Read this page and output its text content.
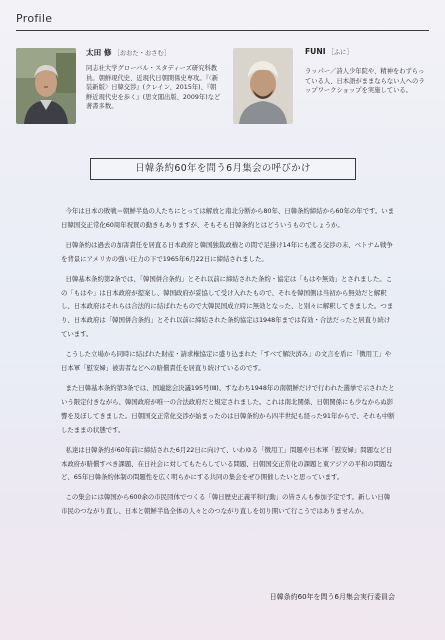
Profile
太田 修 ［おおた・おさむ］
同志社大学グローバル・スタディーズ研究科教員。朝鮮現代史、近現代日朝関係史専攻。『〈新装新版〉日韓交渉』(クレイン、2015年)、『朝鮮近現代史を歩く』(思文閣出版、2009年)など著書多数。
FUNI ［ふに］
ラッパー／詩人少年院や、精神をわずらっている人、日本語がままならない人へのラップワークショップを実施している。
日韓条約60年を問う6月集会の呼びかけ

今年は日本の敗戦＝朝鮮半島の人たちにとっては解放と南北分断から80年、日韓条約締結から60年の年です。いま日韓国交正常化60周年祝賀の動きもありますが、そもそも日韓条約とはどういうものでしょうか。

日韓条約は過去の加害責任を居直る日本政府と韓国独裁政権との間で足掛け14年にも渡る交渉の末、ベトナム戦争を背景にアメリカの強い圧力の下で1965年6月22日に締結されました。

日韓基本条約第2条では、「韓国併合条約」とそれ以前に締結された条約・協定は「もはや無効」とされました。この「もはや」は日本政府が提案し、韓国政府が妥協して受け入れたもので、それを韓国側は当初から無効だと解釈し、日本政府はそれらは合法的に結ばれたもので大韓民国成立時に無効となった、と別々に解釈してきました。つまり、日本政府は「韓国併合条約」とそれ以前に締結された条約協定は1948年までは有効・合法だったと居直り続けています。

こうした立場から同時に結ばれた財産・請求権協定に盛り込まれた「すべて解決済み」の文言を盾に「徴用工」や日本軍「慰安婦」被害者などへの賠償責任を居直り続けているのです。

また日韓基本条約第3条では、国連総会決議195号(Ⅲ)、すなわち1948年の南朝鮮だけで行われた選挙で示されたという限定付きながら、韓国政府が唯一の合法政府だと規定されました。これは南北関係、日朝関係にも少なからぬ影響を及ぼしてきました。日朝国交正常化交渉が始まったのは日韓条約から四半世紀も経った91年からで、それも中断したままの状態です。

私達は日韓条約が60年前に締結された6月22日に向けて、いわゆる「徴用工」問題や日本軍「慰安婦」問題など日本政府が賠償すべき課題、在日社会に対してもたらしている問題、日朝国交正常化の課題と東アジアの平和の問題など、65年日韓条約体制の問題性を広く明らかにする共同の集会をぜひ開催したいと思っています。

この集会には韓国から600余の市民団体でつくる「韓日歴史正義平和行動」の皆さんも参加予定です。新しい日韓市民のつながり直し、日本と朝鮮半島全体の人々とのつながり直しを切り開いて行こうではありませんか。

日韓条約60年を問う6月集会実行委員会
